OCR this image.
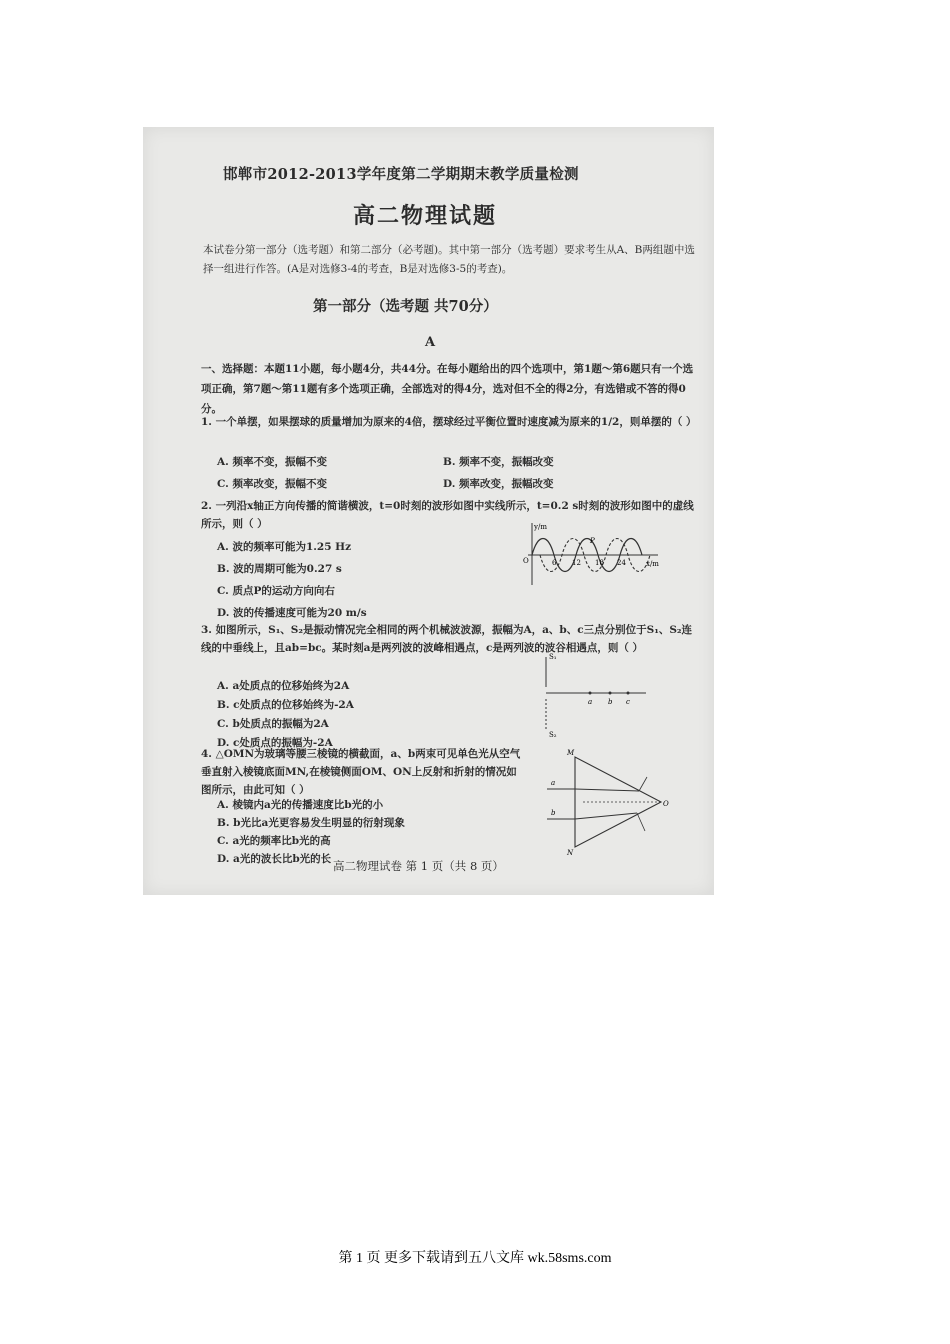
邯郸市2012-2013学年度第二学期期末教学质量检测
高二物理试题
本试卷分第一部分（选考题）和第二部分（必考题)。其中第一部分（选考题）要求考生从A、B两组题中选择一组进行作答。(A是对选修3-4的考查，B是对选修3-5的考查)。
第一部分（选考题 共70分）
A
一、选择题：本题11小题，每小题4分，共44分。在每小题给出的四个选项中，第1题～第6题只有一个选项正确，第7题～第11题有多个选项正确，全部选对的得4分，选对但不全的得2分，有选错或不答的得0分。
1. 一个单摆，如果摆球的质量增加为原来的4倍，摆球经过平衡位置时速度减为原来的1/2，则单摆的（ ）
A. 频率不变，振幅不变	B. 频率不变，振幅改变
C. 频率改变，振幅不变	D. 频率改变，振幅改变
2. 一列沿x轴正方向传播的简谐横波，t=0时刻的波形如图中实线所示，t=0.2 s时刻的波形如图中的虚线所示，则（ ）
A. 波的频率可能为1.25 Hz
B. 波的周期可能为0.27 s
C. 质点P的运动方向向右
D. 波的传播速度可能为20 m/s
y/m
x/m
O	6 12 18 24
P
3. 如图所示，S₁、S₂是振动情况完全相同的两个机械波波源，振幅为A，a、b、c三点分别位于S₁、S₂连线的中垂线上，且ab=bc。某时刻a是两列波的波峰相遇点，c是两列波的波谷相遇点，则（ ）
A. a处质点的位移始终为2A
B. c处质点的位移始终为-2A
C. b处质点的振幅为2A
D. c处质点的振幅为-2A
S₁
S₂
a b c
4. △OMN为玻璃等腰三棱镜的横截面，a、b两束可见单色光从空气垂直射入棱镜底面MN,在棱镜侧面OM、ON上反射和折射的情况如图所示，由此可知（ ）
A. 棱镜内a光的传播速度比b光的小
B. b光比a光更容易发生明显的衍射现象
C. a光的频率比b光的高
D. a光的波长比b光的长
M
N
O
a
b
高二物理试卷 第 1 页（共 8 页）
第 1 页 更多下载请到五八文库 wk.58sms.com
